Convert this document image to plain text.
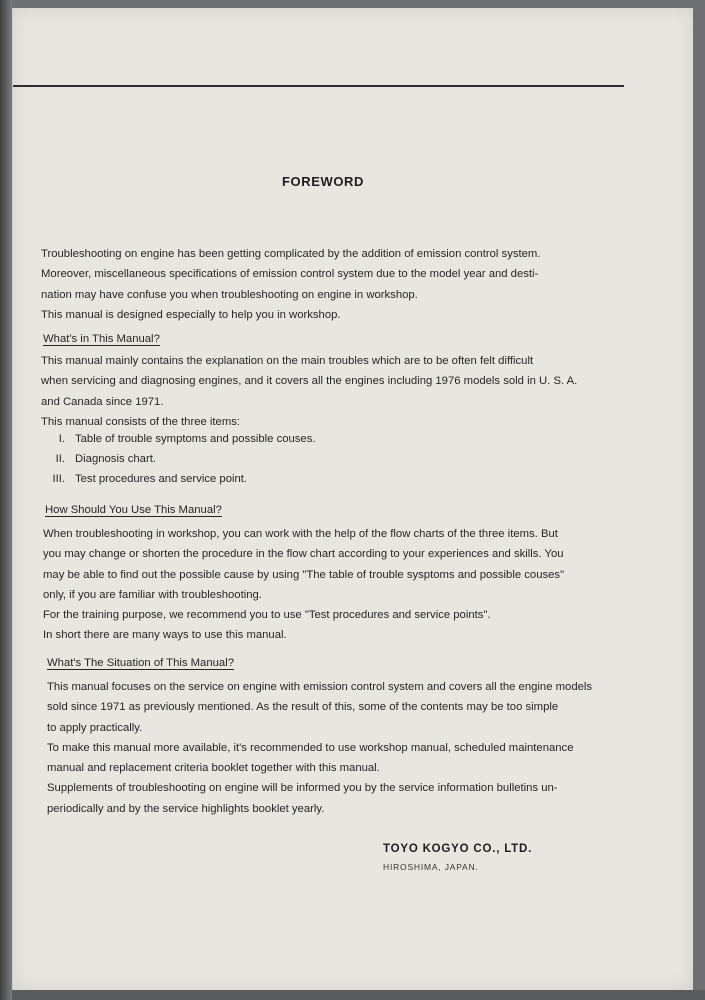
FOREWORD

Troubleshooting on engine has been getting complicated by the addition of emission control system.

Moreover, miscellaneous specifications of emission control system due to the model year and desti-

nation may have confuse you when troubleshooting on engine in workshop.

This manual is designed especially to help you in workshop.

What's in This Manual?

This manual mainly contains the explanation on the main troubles which are to be often felt difficult

when servicing and diagnosing engines, and it covers all the engines including 1976 models sold in U. S. A.

and Canada since 1971.

This manual consists of the three items:

I. Table of trouble symptoms and possible couses.
II. Diagnosis chart.
III. Test procedures and service point.
How Should You Use This Manual?

When troubleshooting in workshop, you can work with the help of the flow charts of the three items. But

you may change or shorten the procedure in the flow chart according to your experiences and skills. You

may be able to find out the possible cause by using "The table of trouble sysptoms and possible couses"

only, if you are familiar with troubleshooting.

For the training purpose, we recommend you to use "Test procedures and service points".

In short there are many ways to use this manual.

What's The Situation of This Manual?

This manual focuses on the service on engine with emission control system and covers all the engine models

sold since 1971 as previously mentioned. As the result of this, some of the contents may be too simple

to apply practically.

To make this manual more available, it's recommended to use workshop manual, scheduled maintenance

manual and replacement criteria booklet together with this manual.

Supplements of troubleshooting on engine will be informed you by the service information bulletins un-

periodically and by the service highlights booklet yearly.

TOYO KOGYO CO., LTD.
HIROSHIMA, JAPAN.
